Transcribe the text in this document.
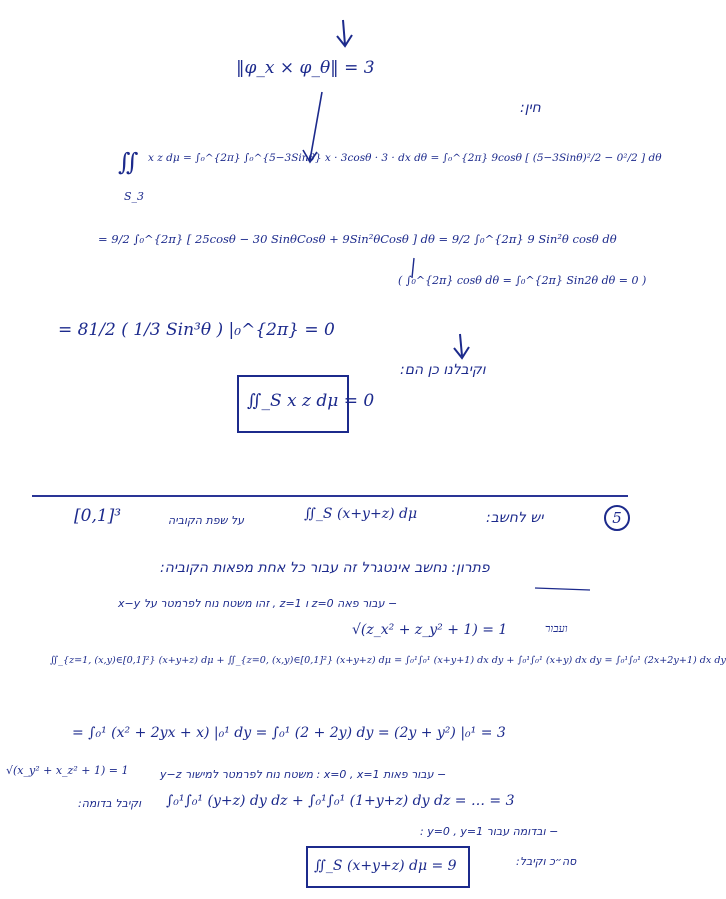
‖φ_x × φ_θ‖ = 3
חין:
∬
S_3
x z dμ = ∫₀^{2π} ∫₀^{5−3Sinθ} x · 3cosθ · 3 · dx dθ = ∫₀^{2π} 9cosθ [ (5−3Sinθ)²/2 − 0²/2 ] dθ
= 9/2 ∫₀^{2π} [ 25cosθ − 30 SinθCosθ + 9Sin²θCosθ ] dθ = 9/2 ∫₀^{2π} 9 Sin²θ cosθ dθ
( ∫₀^{2π} cosθ dθ = ∫₀^{2π} Sin2θ dθ = 0 )
= 81/2 ( 1/3 Sin³θ ) |₀^{2π} = 0
וקיבלנו כן הם:
∬_S x z dμ = 0
5
יש לחשב:
∬_S (x+y+z) dμ
על שפת הקוביה
[0,1]³
פתרון: נחשב אינטגרל זה עבור כל אחת מפאות הקוביה:
− עבור פאה z=0 ו z=1 , זהו משטח נוח לפרמטר על x−y
ועבור
√(z_x² + z_y² + 1) = 1
∬_{z=1, (x,y)∈[0,1]²} (x+y+z) dμ + ∬_{z=0, (x,y)∈[0,1]²} (x+y+z) dμ = ∫₀¹∫₀¹ (x+y+1) dx dy + ∫₀¹∫₀¹ (x+y) dx dy = ∫₀¹∫₀¹ (2x+2y+1) dx dy
= ∫₀¹ (x² + 2yx + x) |₀¹ dy = ∫₀¹ (2 + 2y) dy = (2y + y²) |₀¹ = 3
− עבור פאות x=0 , x=1 : משטח נוח לפרמטר למישור y−z
√(x_y² + x_z² + 1) = 1
∫₀¹∫₀¹ (y+z) dy dz + ∫₀¹∫₀¹ (1+y+z) dy dz = … = 3
וקיבל בדומה:
− ובדומה עבור y=0 , y=1 :
סה״כ וקיבל:
∬_S (x+y+z) dμ = 9
